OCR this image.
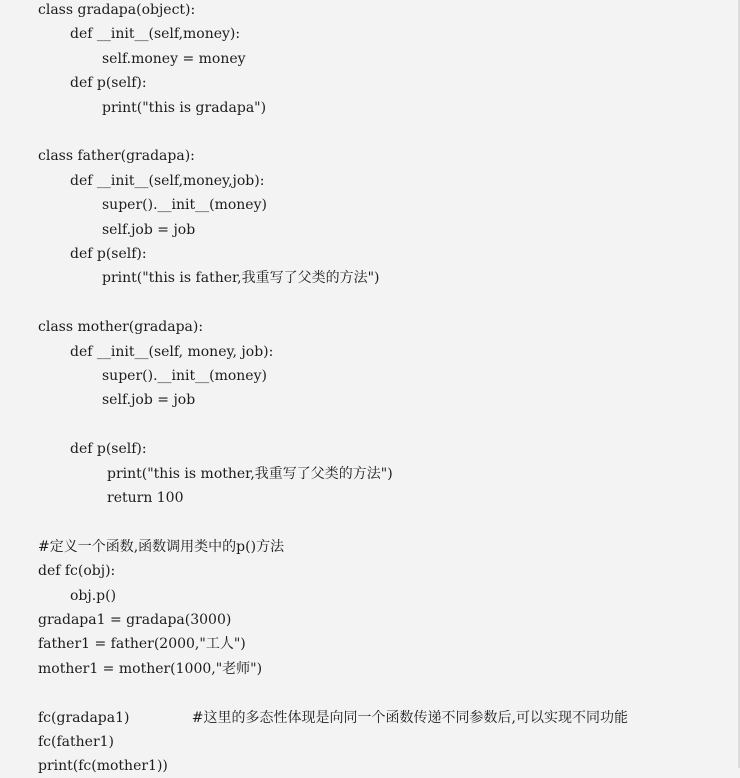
class gradapa(object):
def __init__(self,money):
self.money = money
def p(self):
print("this is gradapa")
class father(gradapa):
def __init__(self,money,job):
super().__init__(money)
self.job = job
def p(self):
print("this is father,我重写了父类的方法")
class mother(gradapa):
def __init__(self, money, job):
super().__init__(money)
self.job = job
def p(self):
print("this is mother,我重写了父类的方法")
return 100
#定义一个函数,函数调用类中的p()方法
def fc(obj):
obj.p()
gradapa1 = gradapa(3000)
father1 = father(2000,"工人")
mother1 = mother(1000,"老师")
fc(gradapa1)              #这里的多态性体现是向同一个函数传递不同参数后,可以实现不同功能
fc(father1)
print(fc(mother1))
